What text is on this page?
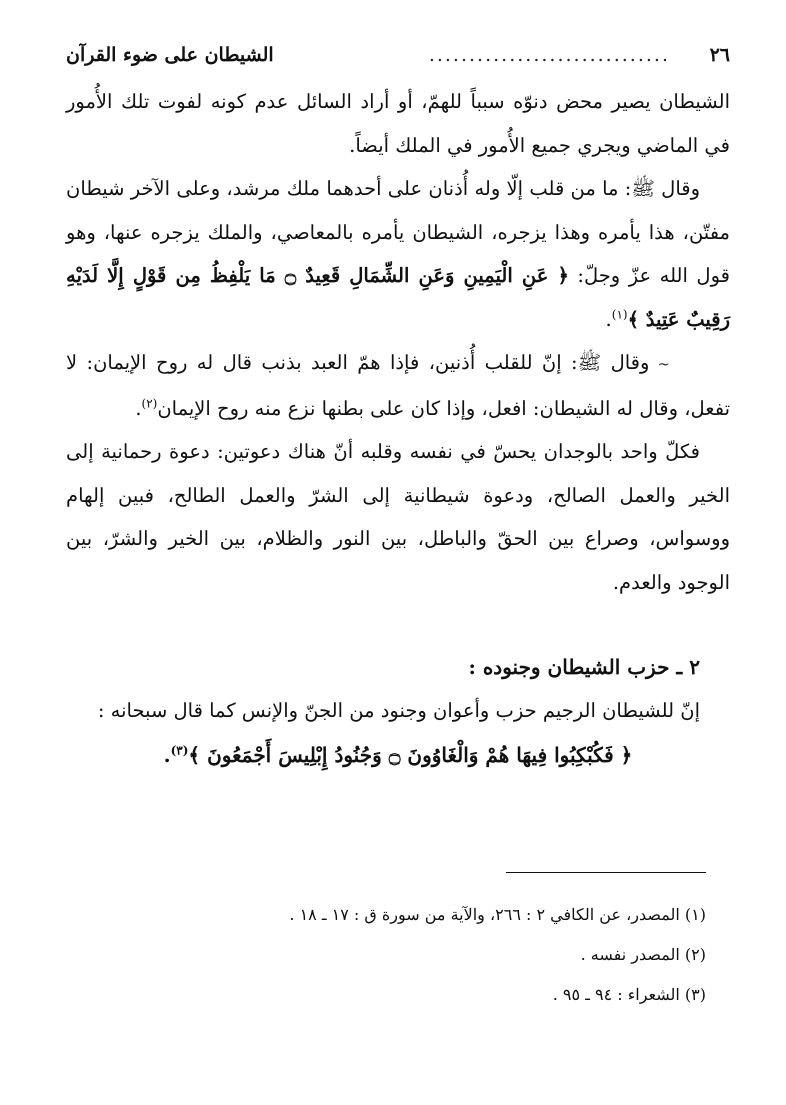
٢٦
..............................
الشيطان على ضوء القرآن

الشيطان يصير محض دنوّه سبباً للهمّ، أو أراد السائل عدم كونه لفوت تلك الأُمور في الماضي ويجري جميع الأُمور في الملك أيضاً.

وقال ﷺ: ما من قلب إلّا وله أُذنان على أحدهما ملك مرشد، وعلى الآخر شيطان مفتّن، هذا يأمره وهذا يزجره، الشيطان يأمره بالمعاصي، والملك يزجره عنها، وهو قول الله عزّ وجلّ: ﴿ عَنِ الْيَمِينِ وَعَنِ الشِّمَالِ قَعِيدٌ ۝ مَا يَلْفِظُ مِن قَوْلٍ إِلَّا لَدَيْهِ رَقِيبٌ عَتِيدٌ ﴾$^{(١)}$.

∽وقال ﷺ: إنّ للقلب أُذنين، فإذا همّ العبد بذنب قال له روح الإيمان: لا تفعل، وقال له الشيطان: افعل، وإذا كان على بطنها نزع منه روح الإيمان$^{(٢)}$.

فكلّ واحد بالوجدان يحسّ في نفسه وقلبه أنّ هناك دعوتين: دعوة رحمانية إلى الخير والعمل الصالح، ودعوة شيطانية إلى الشرّ والعمل الطالح، فبين إلهام ووسواس، وصراع بين الحقّ والباطل، بين النور والظلام، بين الخير والشرّ، بين الوجود والعدم.

٢ ـ حزب الشيطان وجنوده :

إنّ للشيطان الرجيم حزب وأعوان وجنود من الجنّ والإنس كما قال سبحانه :

﴿ فَكُبْكِبُوا فِيهَا هُمْ وَالْغَاوُونَ ۝ وَجُنُودُ إِبْلِيسَ أَجْمَعُونَ ﴾$^{(٣)}$.
(١) المصدر، عن الكافي ٢ : ٢٦٦، والآية من سورة ق : ١٧ ـ ١٨ .
(٢) المصدر نفسه .
(٣) الشعراء : ٩٤ ـ ٩٥ .
